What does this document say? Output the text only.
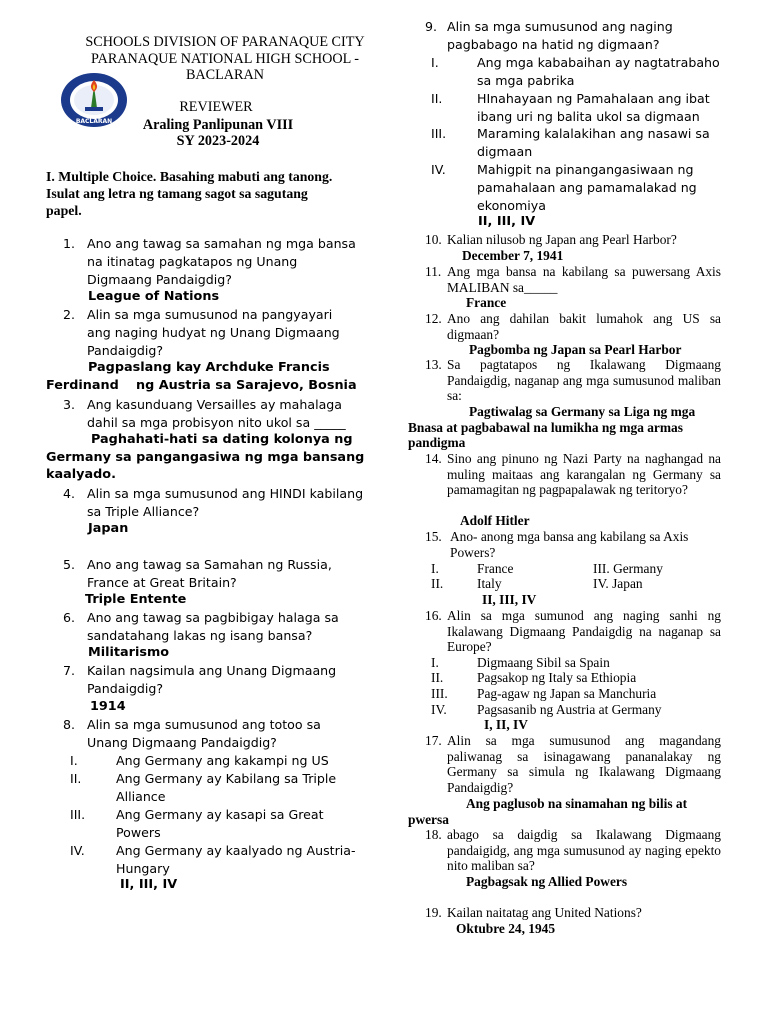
SCHOOLS DIVISION OF PARANAQUE CITY
PARANAQUE NATIONAL HIGH SCHOOL -
BACLARAN
BACLARAN
REVIEWER
Araling Panlipunan VIII
SY 2023-2024
I. Multiple Choice. Basahing mabuti ang tanong. Isulat ang letra ng tamang sagot sa sagutang papel.
1. Ano ang tawag sa samahan ng mga bansa na itinatag pagkatapos ng Unang Digmaang Pandaigdig?
League of Nations
2. Alin sa mga sumusunod na pangyayari ang naging hudyat ng Unang Digmaang Pandaigdig?
Pagpaslang kay Archduke Francis
Ferdinand ng Austria sa Sarajevo, Bosnia
3. Ang kasunduang Versailles ay mahalaga dahil sa mga probisyon nito ukol sa _____
Paghahati-hati sa dating kolonya ng
Germany sa pangangasiwa ng mga bansang
kaalyado.
4. Alin sa mga sumusunod ang HINDI kabilang sa Triple Alliance?
Japan
5. Ano ang tawag sa Samahan ng Russia, France at Great Britain?
Triple Entente
6. Ano ang tawag sa pagbibigay halaga sa sandatahang lakas ng isang bansa?
Militarismo
7. Kailan nagsimula ang Unang Digmaang Pandaigdig?
1914
8. Alin sa mga sumusunod ang totoo sa Unang Digmaang Pandaigdig?
I.	Ang Germany ang kakampi ng US
II.	Ang Germany ay Kabilang sa Triple Alliance
III. Ang Germany ay kasapi sa Great Powers
IV. Ang Germany ay kaalyado ng Austria-Hungary
II, III, IV
9. Alin sa mga sumusunod ang naging pagbabago na hatid ng digmaan?
I.	Ang mga kababaihan ay nagtatrabaho sa mga pabrika
II.	HInahayaan ng Pamahalaan ang ibat ibang uri ng balita ukol sa digmaan
III. Maraming kalalakihan ang nasawi sa digmaan
IV. Mahigpit na pinangangasiwaan ng pamahalaan ang pamamalakad ng ekonomiya
II, III, IV
10. Kalian nilusob ng Japan ang Pearl Harbor?
December 7, 1941
11. Ang mga bansa na kabilang sa puwersang Axis MALIBAN sa_____
France
12. Ano ang dahilan bakit lumahok ang US sa digmaan?
Pagbomba ng Japan sa Pearl Harbor
13. Sa pagtatapos ng Ikalawang Digmaang Pandaigdig, naganap ang mga sumusunod maliban sa:
Pagtiwalag sa Germany sa Liga ng mga
Bnasa at pagbabawal na lumikha ng mga armas
pandigma
14. Sino ang pinuno ng Nazi Party na naghangad na muling maitaas ang karangalan ng Germany sa pamamagitan ng pagpapalawak ng teritoryo?
Adolf Hitler
15. Ano- anong mga bansa ang kabilang sa Axis Powers?
I.	France	III. Germany
II.	Italy	IV. Japan
II, III, IV
16. Alin sa mga sumunod ang naging sanhi ng Ikalawang Digmaang Pandaigdig na naganap sa Europe?
I.	Digmaang Sibil sa Spain
II.	Pagsakop ng Italy sa Ethiopia
III. Pag-agaw ng Japan sa Manchuria
IV. Pagsasanib ng Austria at Germany
I, II, IV
17. Alin sa mga sumusunod ang magandang paliwanag sa isinagawang pananalakay ng Germany sa simula ng Ikalawang Digmaang Pandaigdig?
Ang paglusob na sinamahan ng bilis at
pwersa
18. abago sa daigdig sa Ikalawang Digmaang pandaigidg, ang mga sumusunod ay naging epekto nito maliban sa?
Pagbagsak ng Allied Powers
19. Kailan naitatag ang United Nations?
Oktubre 24, 1945
